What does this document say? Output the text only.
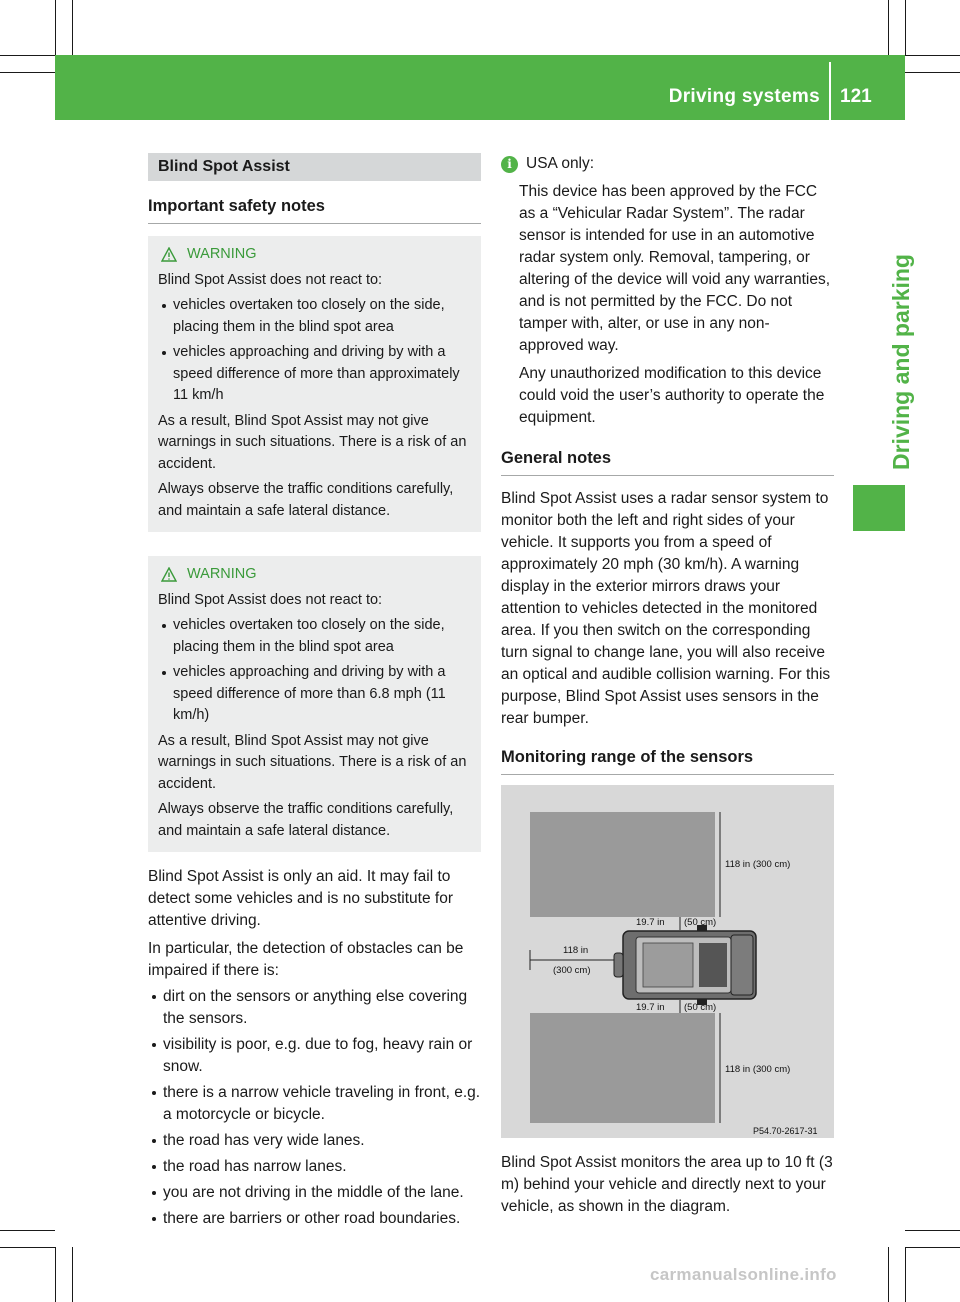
Driving systems 121
Driving and parking
Blind Spot Assist
Important safety notes
WARNING

Blind Spot Assist does not react to:

vehicles overtaken too closely on the side, placing them in the blind spot area
vehicles approaching and driving by with a speed difference of more than approximately 11 km/h

As a result, Blind Spot Assist may not give warnings in such situations. There is a risk of an accident.

Always observe the traffic conditions carefully, and maintain a safe lateral distance.

WARNING

Blind Spot Assist does not react to:

vehicles overtaken too closely on the side, placing them in the blind spot area
vehicles approaching and driving by with a speed difference of more than 6.8 mph (11 km/h)

As a result, Blind Spot Assist may not give warnings in such situations. There is a risk of an accident.

Always observe the traffic conditions carefully, and maintain a safe lateral distance.

Blind Spot Assist is only an aid. It may fail to detect some vehicles and is no substitute for attentive driving.

In particular, the detection of obstacles can be impaired if there is:

dirt on the sensors or anything else covering the sensors.
visibility is poor, e.g. due to fog, heavy rain or snow.
there is a narrow vehicle traveling in front, e.g. a motorcycle or bicycle.
the road has very wide lanes.
the road has narrow lanes.
you are not driving in the middle of the lane.
there are barriers or other road boundaries.
i USA only:

This device has been approved by the FCC as a “Vehicular Radar System”. The radar sensor is intended for use in an automotive radar system only. Removal, tampering, or altering of the device will void any warranties, and is not permitted by the FCC. Do not tamper with, alter, or use in any non-approved way.

Any unauthorized modification to this device could void the user’s authority to operate the equipment.

General notes

Blind Spot Assist uses a radar sensor system to monitor both the left and right sides of your vehicle. It supports you from a speed of approximately 20 mph (30 km/h). A warning display in the exterior mirrors draws your attention to vehicles detected in the monitored area. If you then switch on the corresponding turn signal to change lane, you will also receive an optical and audible collision warning. For this purpose, Blind Spot Assist uses sensors in the rear bumper.

Monitoring range of the sensors
118 in (300 cm)
118 in (300 cm)
118 in
(300 cm)
19.7 in (50 cm)
19.7 in (50 cm)
P54.70-2617-31

Blind Spot Assist monitors the area up to 10 ft (3 m) behind your vehicle and directly next to your vehicle, as shown in the diagram.

carmanualsonline.info
